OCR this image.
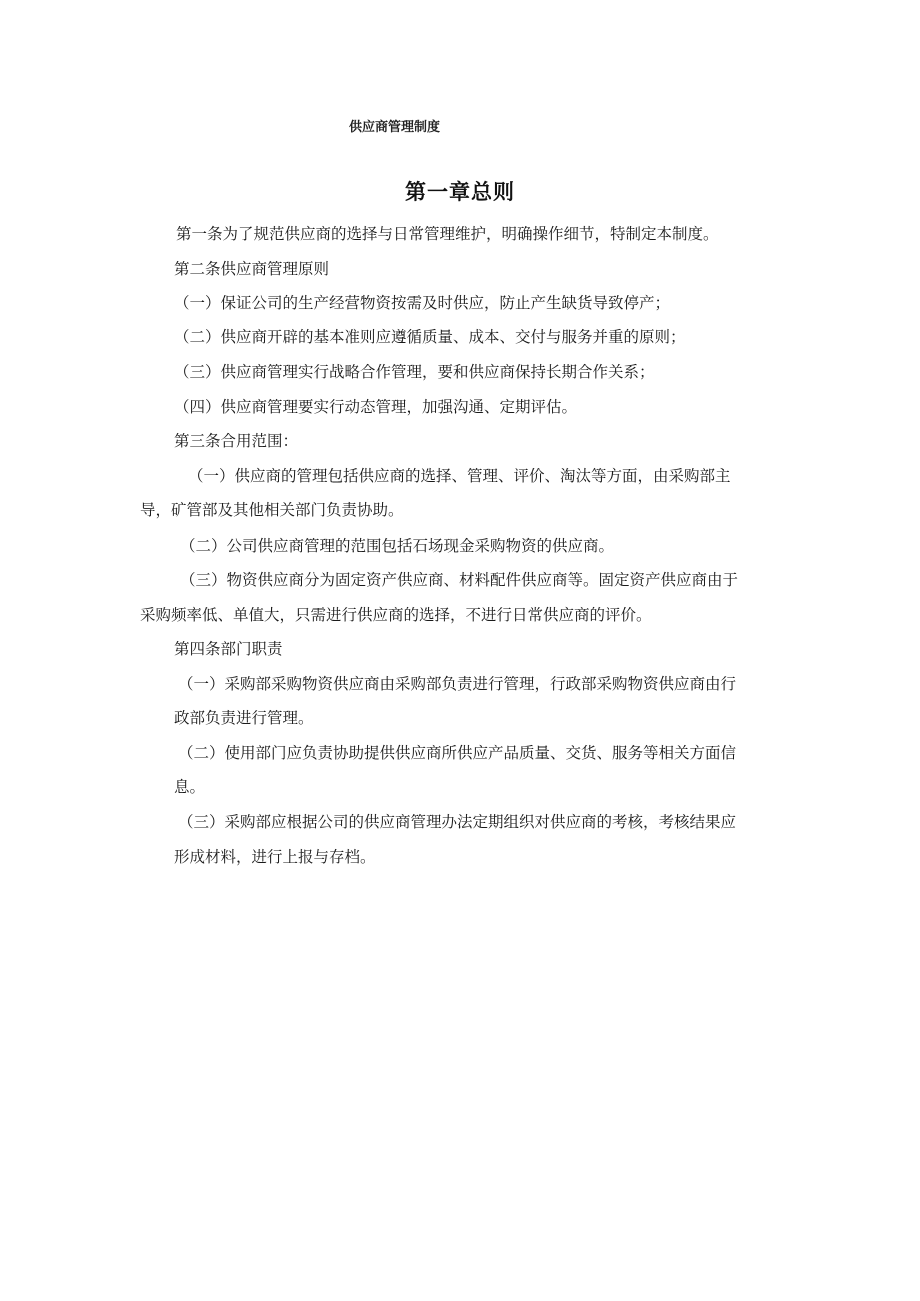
供应商管理制度
第一章总则
第一条为了规范供应商的选择与日常管理维护，明确操作细节，特制定本制度。
第二条供应商管理原则
（一）保证公司的生产经营物资按需及时供应，防止产生缺货导致停产；
（二）供应商开辟的基本准则应遵循质量、成本、交付与服务并重的原则；
（三）供应商管理实行战略合作管理，要和供应商保持长期合作关系；
（四）供应商管理要实行动态管理，加强沟通、定期评估。
第三条合用范围：
（一）供应商的管理包括供应商的选择、管理、评价、淘汰等方面，由采购部主
导，矿管部及其他相关部门负责协助。
（二）公司供应商管理的范围包括石场现金采购物资的供应商。
（三）物资供应商分为固定资产供应商、材料配件供应商等。固定资产供应商由于
采购频率低、单值大，只需进行供应商的选择，不进行日常供应商的评价。
第四条部门职责
（一）采购部采购物资供应商由采购部负责进行管理，行政部采购物资供应商由行
政部负责进行管理。
（二）使用部门应负责协助提供供应商所供应产品质量、交货、服务等相关方面信
息。
（三）采购部应根据公司的供应商管理办法定期组织对供应商的考核，考核结果应
形成材料，进行上报与存档。
